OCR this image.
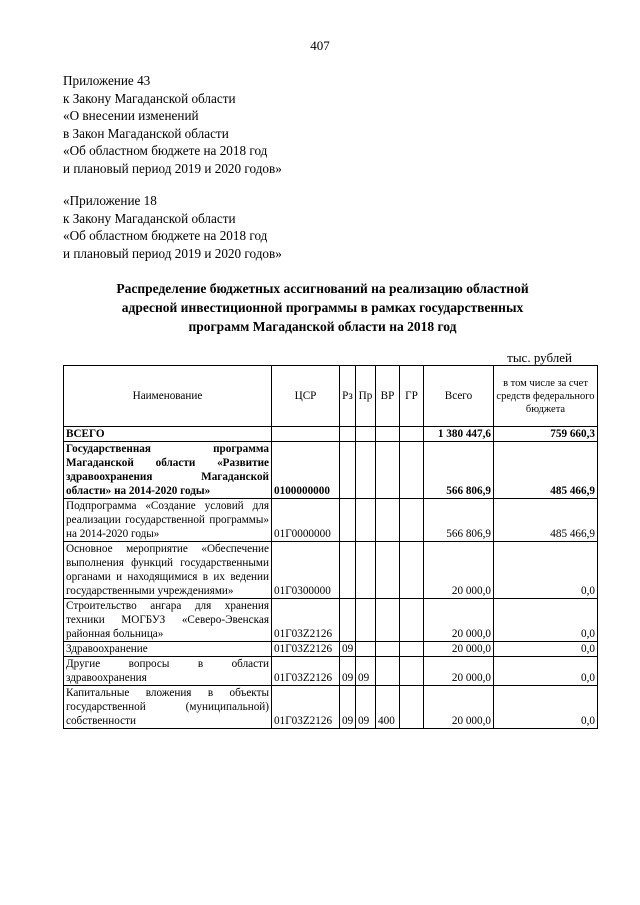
407
Приложение 43
к Закону Магаданской области
«О внесении изменений
в Закон Магаданской области
«Об областном бюджете на 2018 год
и плановый период 2019 и 2020 годов»
«Приложение 18
к Закону Магаданской области
«Об областном бюджете на 2018 год
и плановый период 2019 и 2020 годов»
Распределение бюджетных ассигнований на реализацию областной
адресной инвестиционной программы в рамках государственных
программ Магаданской области на 2018 год
тыс. рублей
Наименование	ЦСР	Рз	Пр	ВР	ГР	Всего	в том числе за счет средств федерального бюджета
ВСЕГО						1 380 447,6	759 660,3
Государственная программа Магаданской области «Развитие здравоохранения Магаданской области» на 2014-2020 годы»	0100000000					566 806,9	485 466,9
Подпрограмма «Создание условий для реализации государственной программы» на 2014-2020 годы»	01Г0000000					566 806,9	485 466,9
Основное мероприятие «Обеспечение выполнения функций государственными органами и находящимися в их ведении государственными учреждениями»	01Г0300000					20 000,0	0,0
Строительство ангара для хранения техники МОГБУЗ «Северо-Эвенская районная больница»	01Г03Z2126					20 000,0	0,0
Здравоохранение	01Г03Z2126	09				20 000,0	0,0
Другие вопросы в области здравоохранения	01Г03Z2126	09	09			20 000,0	0,0
Капитальные вложения в объекты государственной (муниципальной) собственности	01Г03Z2126	09	09	400		20 000,0	0,0
